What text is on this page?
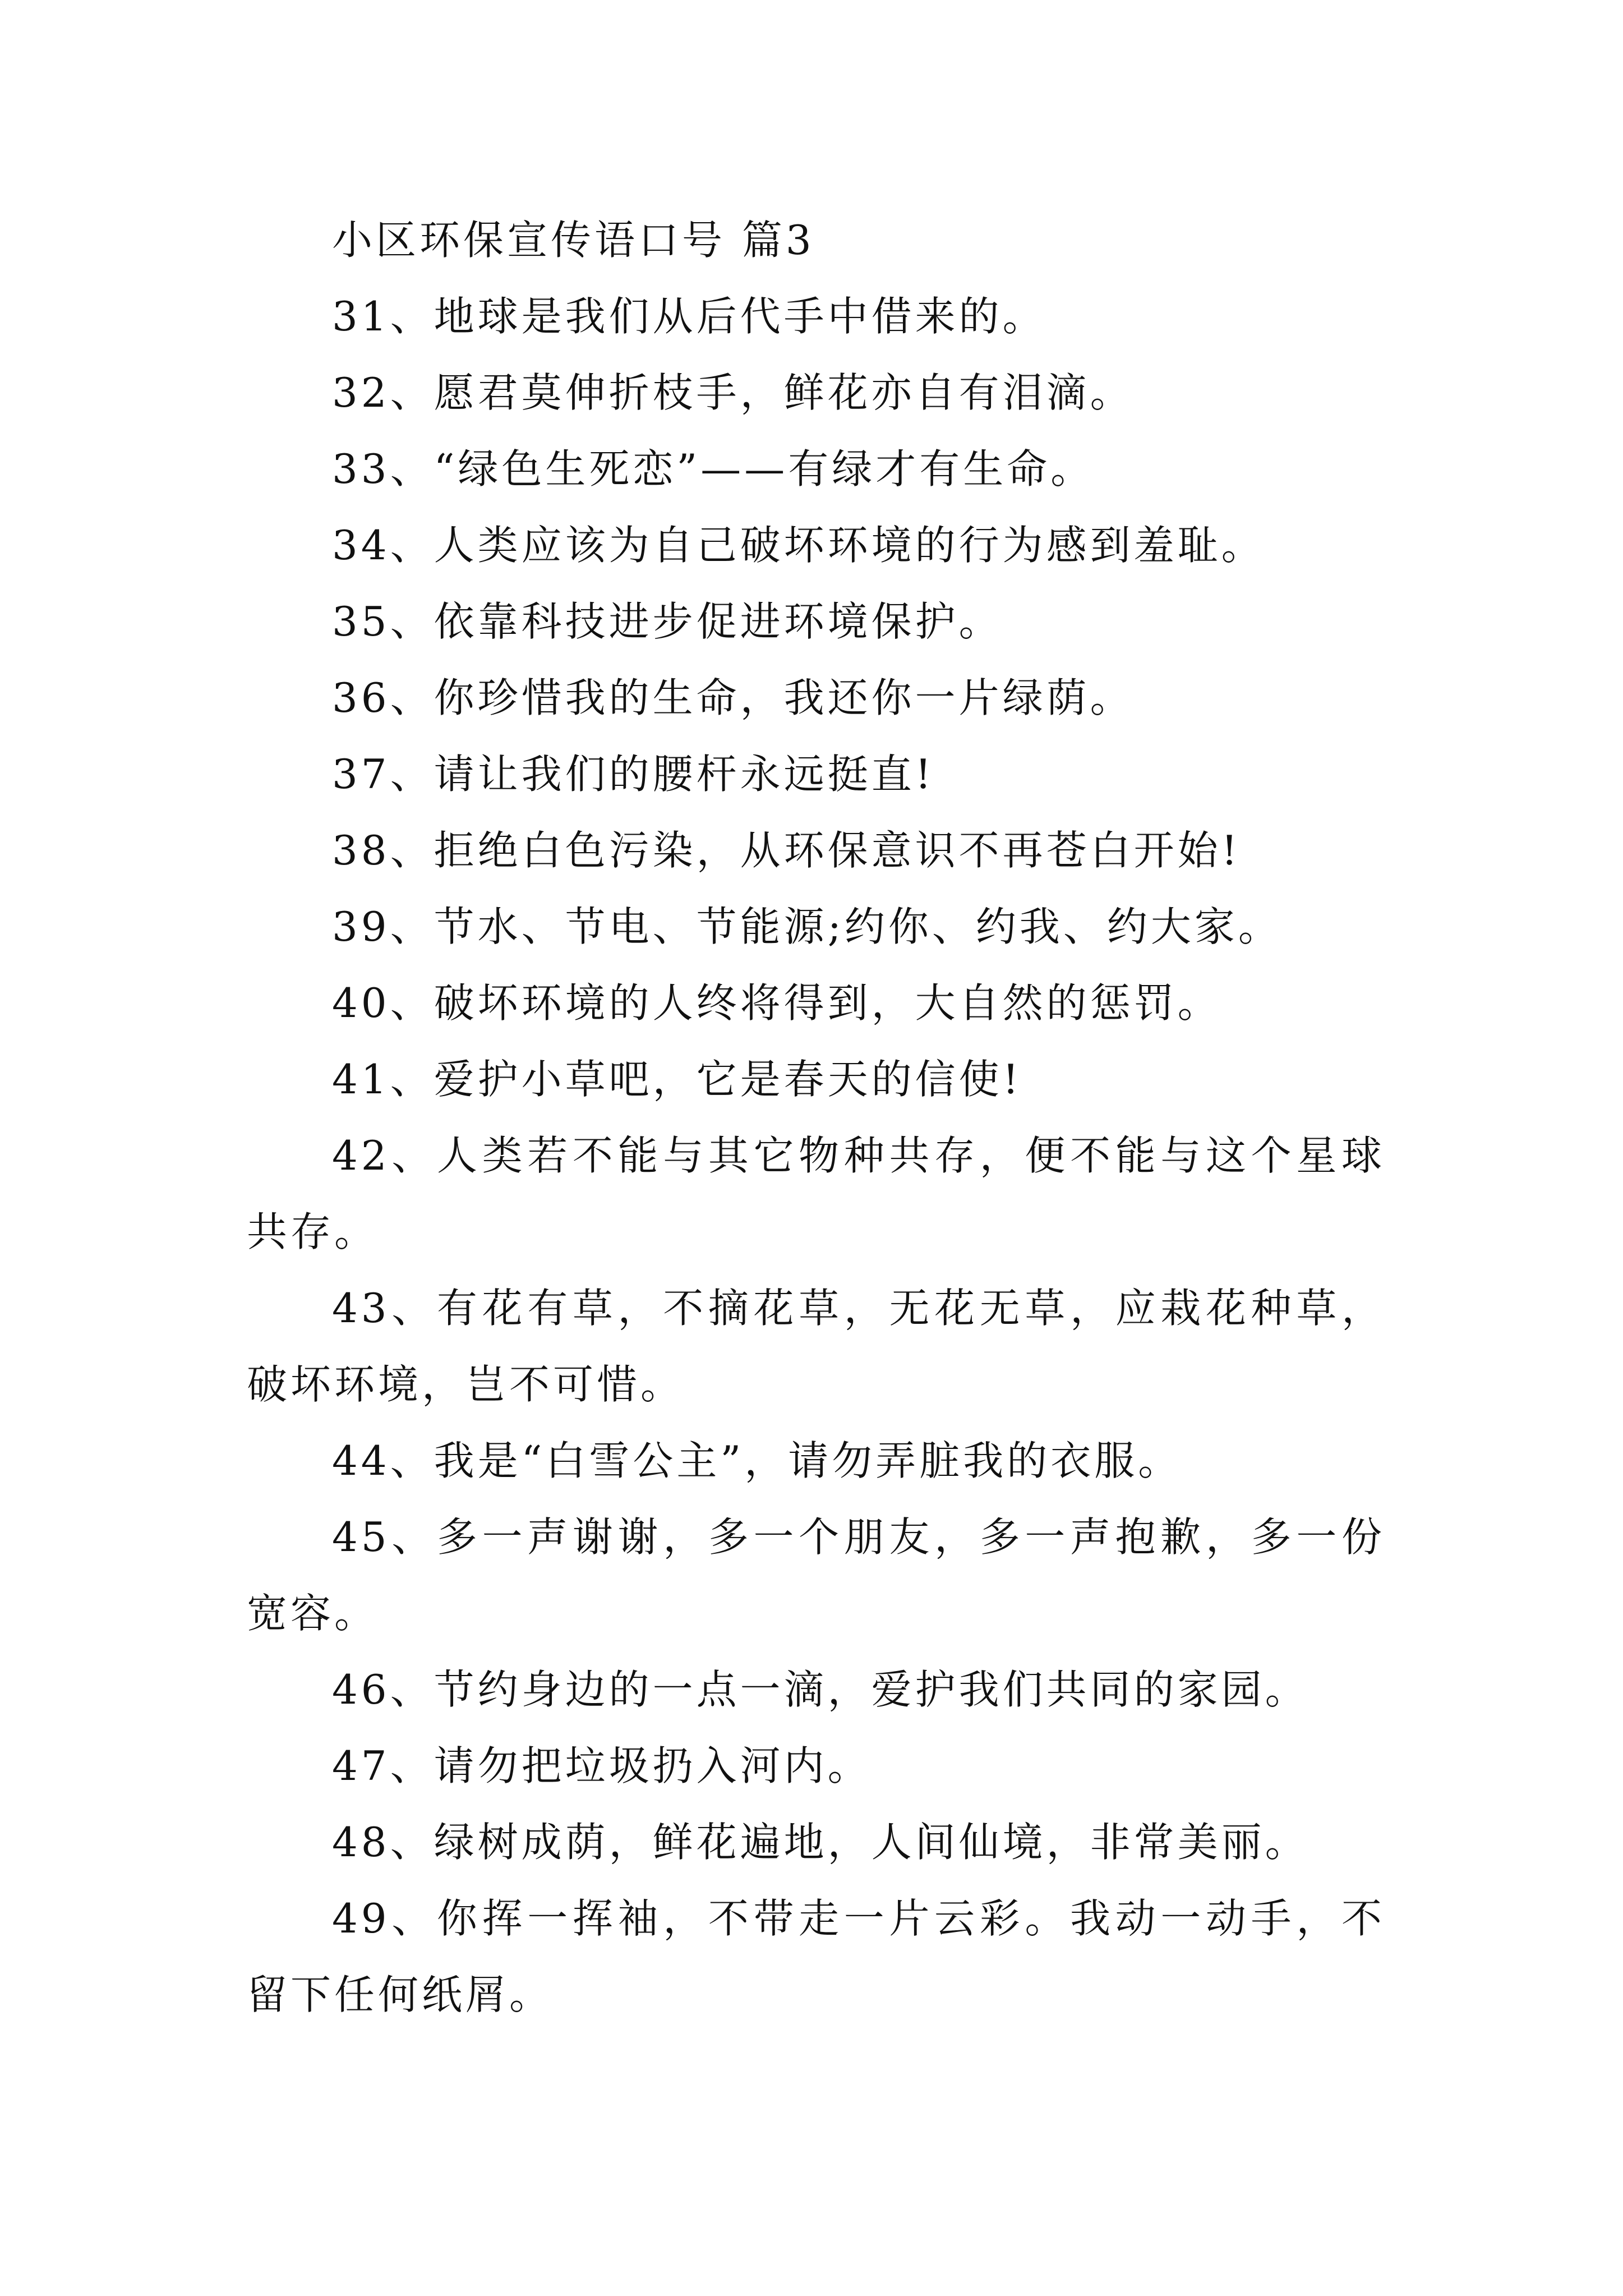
小区环保宣传语口号 篇3

31、地球是我们从后代手中借来的。

32、愿君莫伸折枝手，鲜花亦自有泪滴。

33、“绿色生死恋”——有绿才有生命。

34、人类应该为自己破坏环境的行为感到羞耻。

35、依靠科技进步促进环境保护。

36、你珍惜我的生命，我还你一片绿荫。

37、请让我们的腰杆永远挺直!

38、拒绝白色污染，从环保意识不再苍白开始!

39、节水、节电、节能源;约你、约我、约大家。

40、破坏环境的人终将得到，大自然的惩罚。

41、爱护小草吧，它是春天的信使!

42、人类若不能与其它物种共存，便不能与这个星球共存。

43、有花有草，不摘花草，无花无草，应栽花种草，破坏环境，岂不可惜。

44、我是“白雪公主”，请勿弄脏我的衣服。

45、多一声谢谢，多一个朋友，多一声抱歉，多一份宽容。

46、节约身边的一点一滴，爱护我们共同的家园。

47、请勿把垃圾扔入河内。

48、绿树成荫，鲜花遍地，人间仙境，非常美丽。

49、你挥一挥袖，不带走一片云彩。我动一动手，不留下任何纸屑。
